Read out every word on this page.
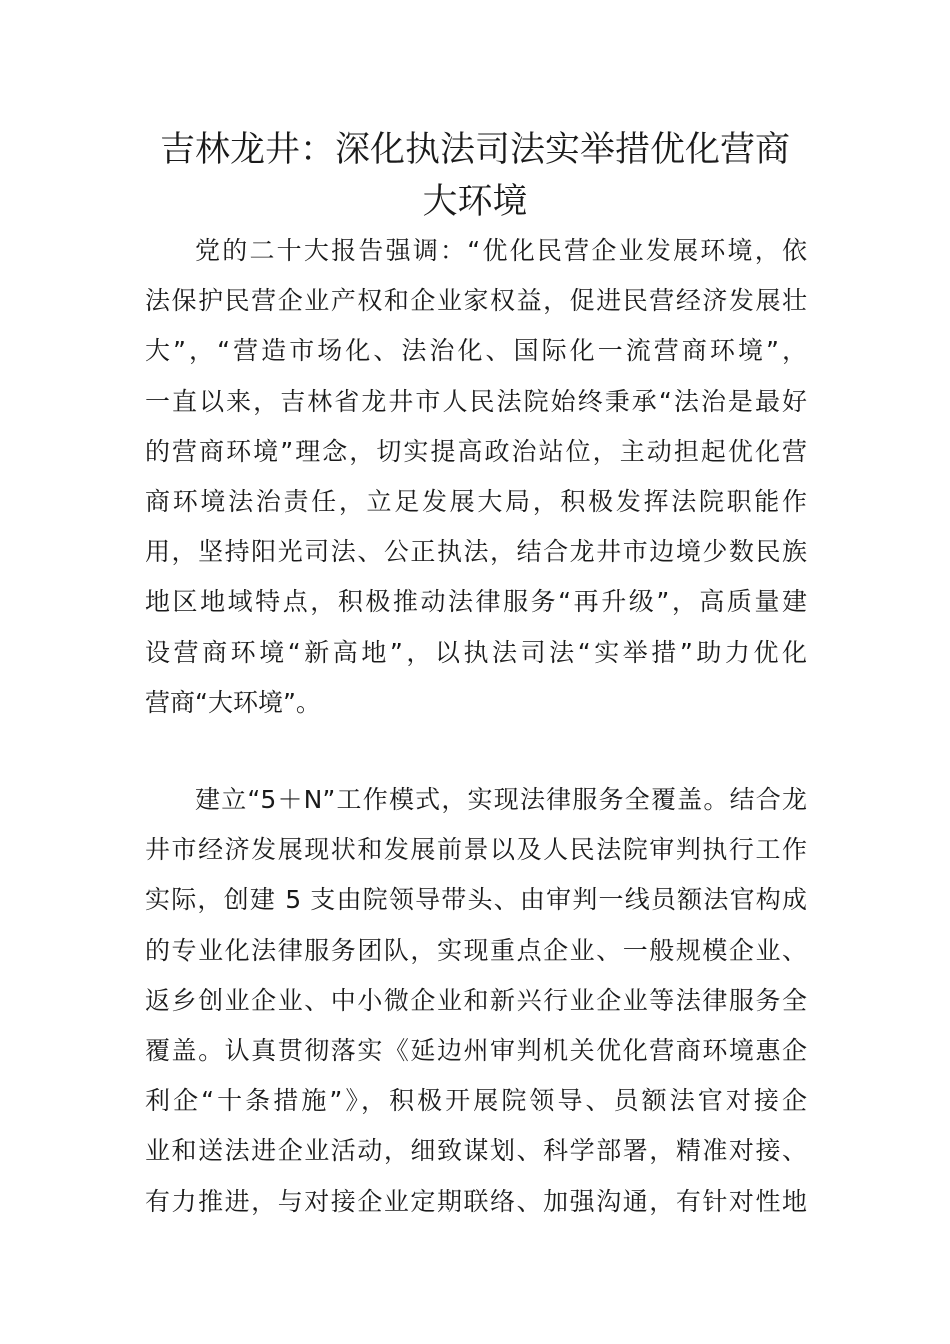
吉林龙井：深化执法司法实举措优化营商
大环境
党的二十大报告强调：“优化民营企业发展环境，依
法保护民营企业产权和企业家权益，促进民营经济发展壮
大”，“营造市场化、法治化、国际化一流营商环境”，
一直以来，吉林省龙井市人民法院始终秉承“法治是最好
的营商环境”理念，切实提高政治站位，主动担起优化营
商环境法治责任，立足发展大局，积极发挥法院职能作
用，坚持阳光司法、公正执法，结合龙井市边境少数民族
地区地域特点，积极推动法律服务“再升级”，高质量建
设营商环境“新高地”，以执法司法“实举措”助力优化
营商“大环境”。
建立“5＋N”工作模式，实现法律服务全覆盖。结合龙
井市经济发展现状和发展前景以及人民法院审判执行工作
实际，创建 5 支由院领导带头、由审判一线员额法官构成
的专业化法律服务团队，实现重点企业、一般规模企业、
返乡创业企业、中小微企业和新兴行业企业等法律服务全
覆盖。认真贯彻落实《延边州审判机关优化营商环境惠企
利企“十条措施”》，积极开展院领导、员额法官对接企
业和送法进企业活动，细致谋划、科学部署，精准对接、
有力推进，与对接企业定期联络、加强沟通，有针对性地
